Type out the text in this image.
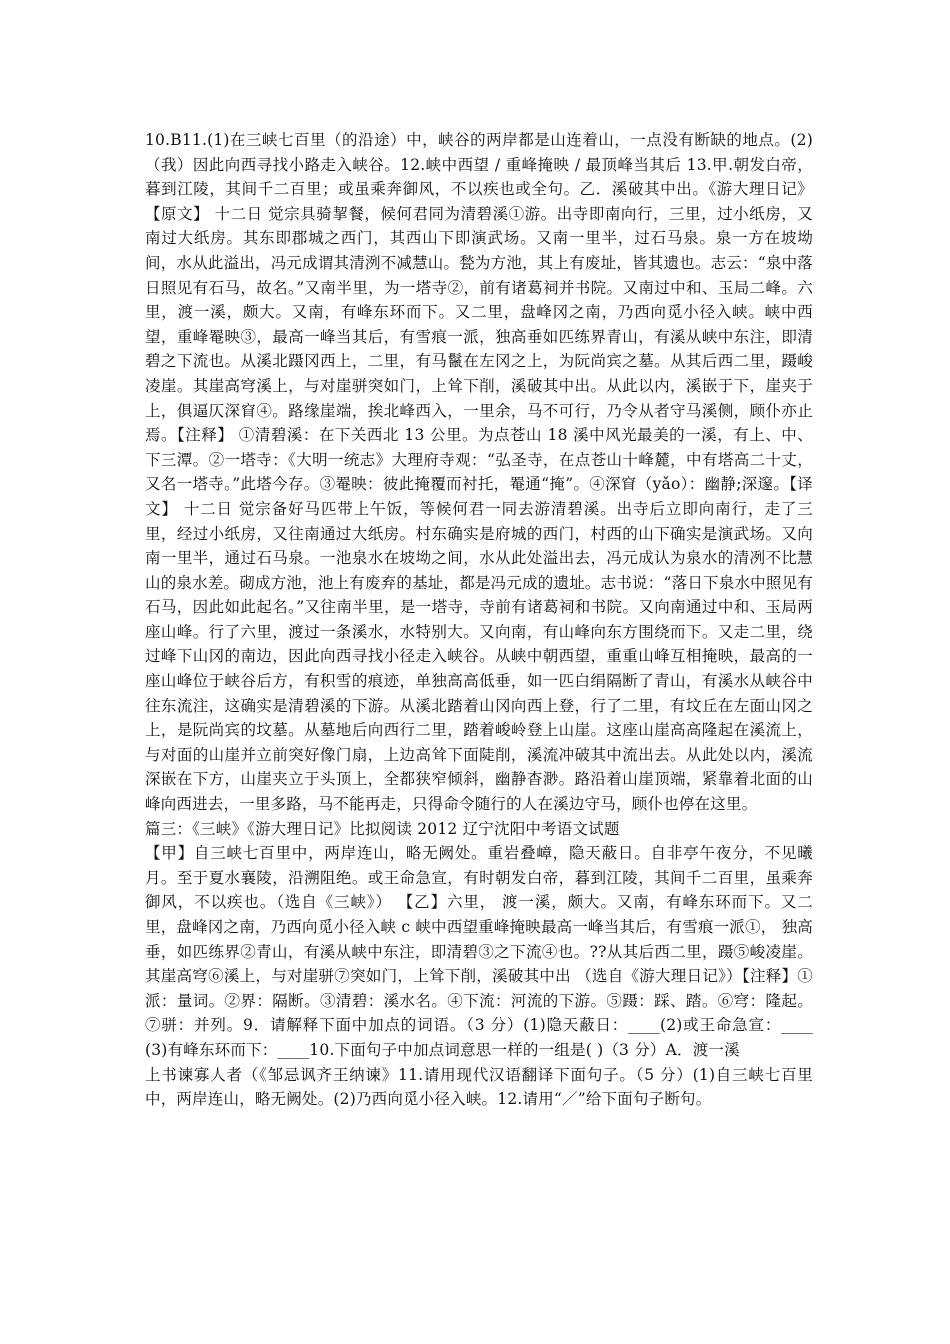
10.B11.(1)在三峡七百里（的沿途）中，峡谷的两岸都是山连着山，一点没有断缺的地点。(2)（我）因此向西寻找小路走入峡谷。12.峡中西望 / 重峰掩映 / 最顶峰当其后 13.甲.朝发白帝，暮到江陵，其间千二百里；或虽乘奔御风，不以疾也或全句。乙．溪破其中出。《游大理日记》【原文】 十二日 觉宗具骑挈餐，候何君同为清碧溪①游。出寺即南向行，三里，过小纸房，又南过大纸房。其东即郡城之西门，其西山下即演武场。又南一里半，过石马泉。泉一方在坡坳间，水从此溢出，冯元成谓其清洌不减慧山。甃为方池，其上有废址，皆其遗也。志云：“泉中落日照见有石马，故名。”又南半里，为一塔寺②，前有诸葛祠并书院。又南过中和、玉局二峰。六里，渡一溪，颇大。又南，有峰东环而下。又二里，盘峰冈之南，乃西向觅小径入峡。峡中西望，重峰罨映③，最高一峰当其后，有雪痕一派，独高垂如匹练界青山，有溪从峡中东注，即清碧之下流也。从溪北蹑冈西上，二里，有马鬣在左冈之上，为阮尚宾之墓。从其后西二里，蹑峻凌崖。其崖高穹溪上，与对崖骈突如门，上耸下削，溪破其中出。从此以内，溪嵌于下，崖夹于上，俱逼仄深窅④。路缘崖端，挨北峰西入，一里余，马不可行，乃令从者守马溪侧，顾仆亦止焉。【注释】 ①清碧溪：在下关西北 13 公里。为点苍山 18 溪中风光最美的一溪，有上、中、下三潭。②一塔寺：《大明一统志》大理府寺观：“弘圣寺，在点苍山十峰麓，中有塔高二十丈，又名一塔寺。”此塔今存。③罨映：彼此掩覆而衬托，罨通“掩”。④深窅（yǎo）：幽静;深邃。【译文】 十二日 觉宗备好马匹带上午饭，等候何君一同去游清碧溪。出寺后立即向南行，走了三里，经过小纸房，又往南通过大纸房。村东确实是府城的西门，村西的山下确实是演武场。又向南一里半，通过石马泉。一池泉水在坡坳之间，水从此处溢出去，冯元成认为泉水的清冽不比慧山的泉水差。砌成方池，池上有废弃的基址，都是冯元成的遗址。志书说：“落日下泉水中照见有石马，因此如此起名。”又往南半里，是一塔寺，寺前有诸葛祠和书院。又向南通过中和、玉局两座山峰。行了六里，渡过一条溪水，水特别大。又向南，有山峰向东方围绕而下。又走二里，绕过峰下山冈的南边，因此向西寻找小径走入峡谷。从峡中朝西望，重重山峰互相掩映，最高的一座山峰位于峡谷后方，有积雪的痕迹，单独高高低垂，如一匹白绢隔断了青山，有溪水从峡谷中往东流注，这确实是清碧溪的下游。从溪北踏着山冈向西上登，行了二里，有坟丘在左面山冈之上，是阮尚宾的坟墓。从墓地后向西行二里，踏着峻岭登上山崖。这座山崖高高隆起在溪流上，与对面的山崖并立前突好像门扇，上边高耸下面陡削，溪流冲破其中流出去。从此处以内，溪流深嵌在下方，山崖夹立于头顶上，全都狭窄倾斜，幽静杳渺。路沿着山崖顶端，紧靠着北面的山峰向西进去，一里多路，马不能再走，只得命令随行的人在溪边守马，顾仆也停在这里。

篇三：《三峡》《游大理日记》比拟阅读 2012 辽宁沈阳中考语文试题

【甲】自三峡七百里中，两岸连山，略无阙处。重岩叠嶂，隐天蔽日。自非亭午夜分，不见曦月。至于夏水襄陵，沿溯阻绝。或王命急宣，有时朝发白帝，暮到江陵，其间千二百里，虽乘奔御风，不以疾也。（选自《三峡》） 【乙】六里， 渡一溪，颇大。又南，有峰东环而下。又二里，盘峰冈之南，乃西向觅小径入峡 c 峡中西望重峰掩映最高一峰当其后，有雪痕一派①， 独高垂，如匹练界②青山，有溪从峡中东注，即清碧③之下流④也。??从其后西二里，蹑⑤峻凌崖。其崖高穹⑥溪上，与对崖骈⑦突如门，上耸下削，溪破其中出 （选自《游大理日记》）【注释】①派：量词。②界：隔断。③清碧：溪水名。④下流：河流的下游。⑤蹑：踩、踏。⑥穹：隆起。⑦骈：并列。9．请解释下面中加点的词语。（3 分）(1)隐天蔽日：____(2)或王命急宣：____ (3)有峰东环而下：____10.下面句子中加点词意思一样的一组是( )（3 分）A．渡一溪

上书谏寡人者（《邹忌讽齐王纳谏》11.请用现代汉语翻译下面句子。（5 分）(1)自三峡七百里中，两岸连山，略无阙处。(2)乃西向觅小径入峡。12.请用“／”给下面句子断句。
